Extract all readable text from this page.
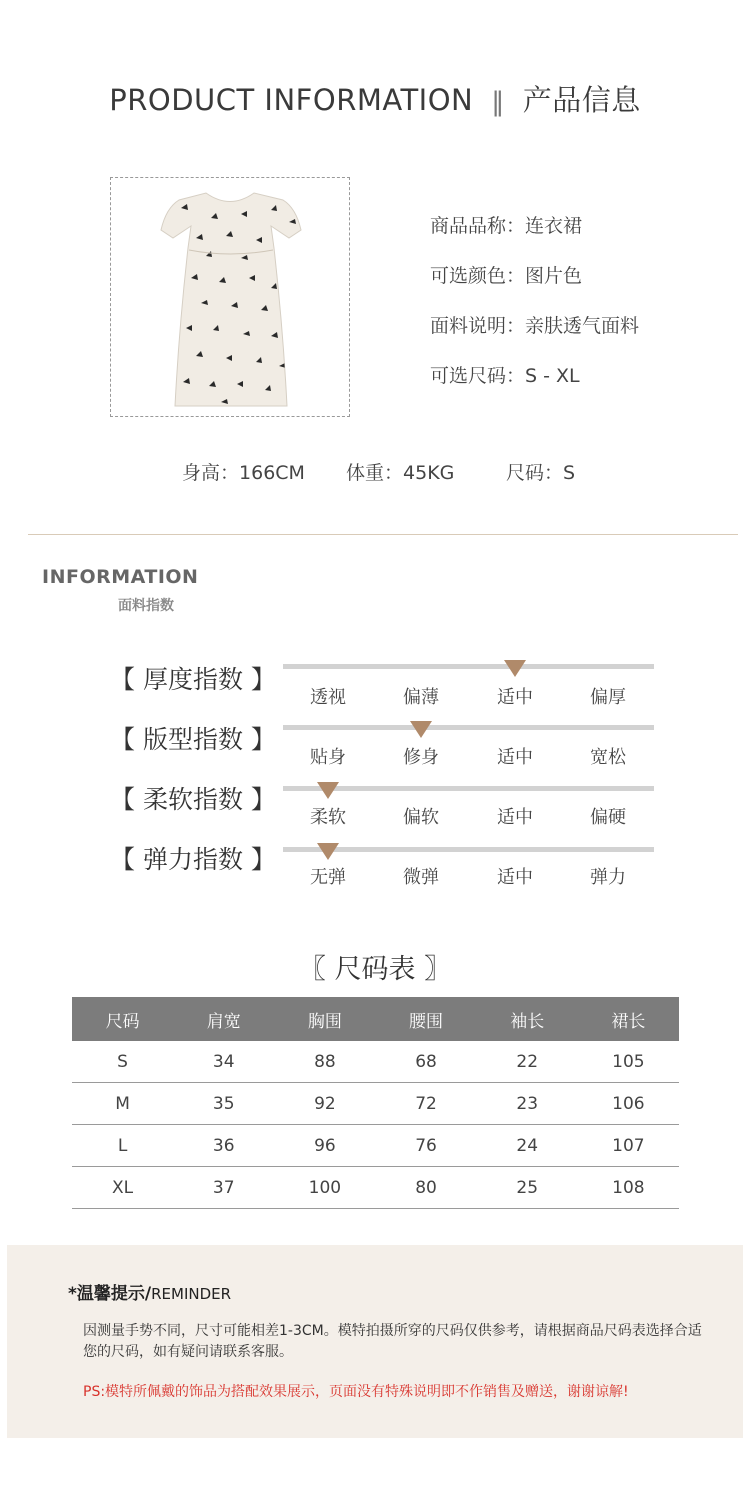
PRODUCT INFORMATION ‖ 产品信息
商品品称：连衣裙
可选颜色：图片色
面料说明：亲肤透气面料
可选尺码：S - XL
身高：166CM 体重：45KG	尺码：S
INFORMATION
面料指数
【 厚度指数 】
透视	偏薄	适中	偏厚
【 版型指数 】
贴身	修身	适中	宽松
【 柔软指数 】
柔软	偏软	适中	偏硬
【 弹力指数 】
无弹	微弹	适中	弹力
〖 尺码表 〗
尺码	肩宽	胸围	腰围	袖长	裙长
S	34	88	68	22	105
M	35	92	72	23	106
L	36	96	76	24	107
XL	37	100	80	25	108
*温馨提示/REMINDER
因测量手势不同，尺寸可能相差1-3CM。模特拍摄所穿的尺码仅供参考，请根据商品尺码表选择合适您的尺码，如有疑问请联系客服。
PS:模特所佩戴的饰品为搭配效果展示，页面没有特殊说明即不作销售及赠送，谢谢谅解!
